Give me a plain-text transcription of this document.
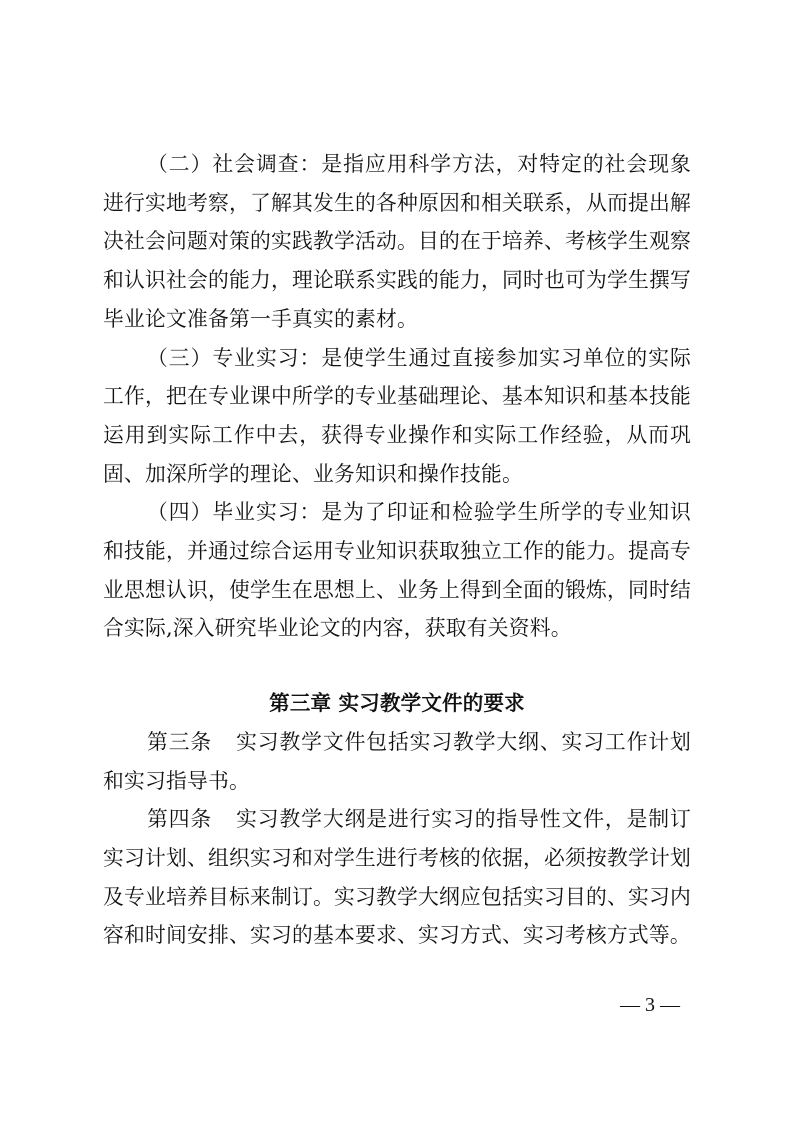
（二）社会调查：是指应用科学方法，对特定的社会现象进行实地考察，了解其发生的各种原因和相关联系，从而提出解决社会问题对策的实践教学活动。目的在于培养、考核学生观察和认识社会的能力，理论联系实践的能力，同时也可为学生撰写毕业论文准备第一手真实的素材。

（三）专业实习：是使学生通过直接参加实习单位的实际工作，把在专业课中所学的专业基础理论、基本知识和基本技能运用到实际工作中去，获得专业操作和实际工作经验，从而巩固、加深所学的理论、业务知识和操作技能。

（四）毕业实习：是为了印证和检验学生所学的专业知识和技能，并通过综合运用专业知识获取独立工作的能力。提高专业思想认识，使学生在思想上、业务上得到全面的锻炼，同时结合实际,深入研究毕业论文的内容，获取有关资料。

第三章 实习教学文件的要求

第三条 实习教学文件包括实习教学大纲、实习工作计划和实习指导书。

第四条 实习教学大纲是进行实习的指导性文件，是制订实习计划、组织实习和对学生进行考核的依据，必须按教学计划及专业培养目标来制订。实习教学大纲应包括实习目的、实习内容和时间安排、实习的基本要求、实习方式、实习考核方式等。

— 3 —
